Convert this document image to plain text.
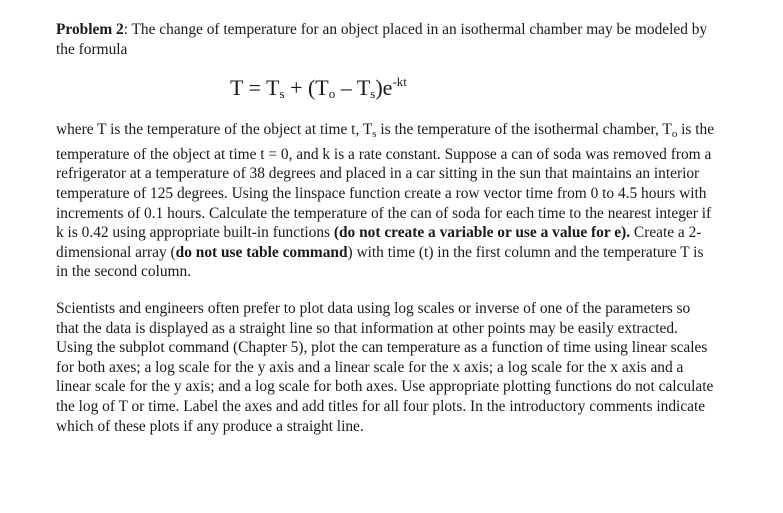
Problem 2: The change of temperature for an object placed in an isothermal chamber may be modeled by the formula

$T = T_s + (T_o - T_s)e^{-kt}$

where T is the temperature of the object at time t, Ts is the temperature of the isothermal chamber, To is the temperature of the object at time t = 0, and k is a rate constant. Suppose a can of soda was removed from a refrigerator at a temperature of 38 degrees and placed in a car sitting in the sun that maintains an interior temperature of 125 degrees. Using the linspace function create a row vector time from 0 to 4.5 hours with increments of 0.1 hours. Calculate the temperature of the can of soda for each time to the nearest integer if k is 0.42 using appropriate built-in functions (do not create a variable or use a value for e). Create a 2-dimensional array (do not use table command) with time (t) in the first column and the temperature T is in the second column.

Scientists and engineers often prefer to plot data using log scales or inverse of one of the parameters so that the data is displayed as a straight line so that information at other points may be easily extracted. Using the subplot command (Chapter 5), plot the can temperature as a function of time using linear scales for both axes; a log scale for the y axis and a linear scale for the x axis; a log scale for the x axis and a linear scale for the y axis; and a log scale for both axes. Use appropriate plotting functions do not calculate the log of T or time. Label the axes and add titles for all four plots. In the introductory comments indicate which of these plots if any produce a straight line.
